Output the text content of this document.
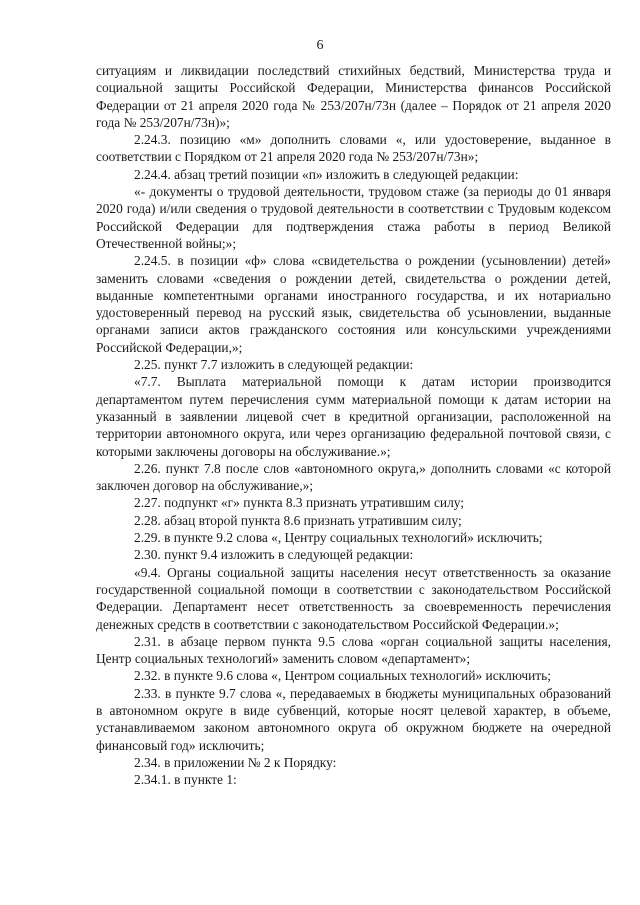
6

ситуациям и ликвидации последствий стихийных бедствий, Министерства труда и социальной защиты Российской Федерации, Министерства финансов Российской Федерации от 21 апреля 2020 года № 253/207н/73н (далее – Порядок от 21 апреля 2020 года № 253/207н/73н)»;

2.24.3. позицию «м» дополнить словами «, или удостоверение, выданное в соответствии с Порядком от 21 апреля 2020 года № 253/207н/73н»;

2.24.4. абзац третий позиции «п» изложить в следующей редакции:

«- документы о трудовой деятельности, трудовом стаже (за периоды до 01 января 2020 года) и/или сведения о трудовой деятельности в соответствии с Трудовым кодексом Российской Федерации для подтверждения стажа работы в период Великой Отечественной войны;»;

2.24.5. в позиции «ф» слова «свидетельства о рождении (усыновлении) детей» заменить словами «сведения о рождении детей, свидетельства о рождении детей, выданные компетентными органами иностранного государства, и их нотариально удостоверенный перевод на русский язык, свидетельства об усыновлении, выданные органами записи актов гражданского состояния или консульскими учреждениями Российской Федерации,»;

2.25. пункт 7.7 изложить в следующей редакции:

«7.7. Выплата материальной помощи к датам истории производится департаментом путем перечисления сумм материальной помощи к датам истории на указанный в заявлении лицевой счет в кредитной организации, расположенной на территории автономного округа, или через организацию федеральной почтовой связи, с которыми заключены договоры на обслуживание.»;

2.26. пункт 7.8 после слов «автономного округа,» дополнить словами «с которой заключен договор на обслуживание,»;

2.27. подпункт «г» пункта 8.3 признать утратившим силу;

2.28. абзац второй пункта 8.6 признать утратившим силу;

2.29. в пункте 9.2 слова «, Центру социальных технологий» исключить;

2.30. пункт 9.4 изложить в следующей редакции:

«9.4. Органы социальной защиты населения несут ответственность за оказание государственной социальной помощи в соответствии с законодательством Российской Федерации. Департамент несет ответственность за своевременность перечисления денежных средств в соответствии с законодательством Российской Федерации.»;

2.31. в абзаце первом пункта 9.5 слова «орган социальной защиты населения, Центр социальных технологий» заменить словом «департамент»;

2.32. в пункте 9.6 слова «, Центром социальных технологий» исключить;

2.33. в пункте 9.7 слова «, передаваемых в бюджеты муниципальных образований в автономном округе в виде субвенций, которые носят целевой характер, в объеме, устанавливаемом законом автономного округа об окружном бюджете на очередной финансовый год» исключить;

2.34. в приложении № 2 к Порядку:

2.34.1. в пункте 1:
